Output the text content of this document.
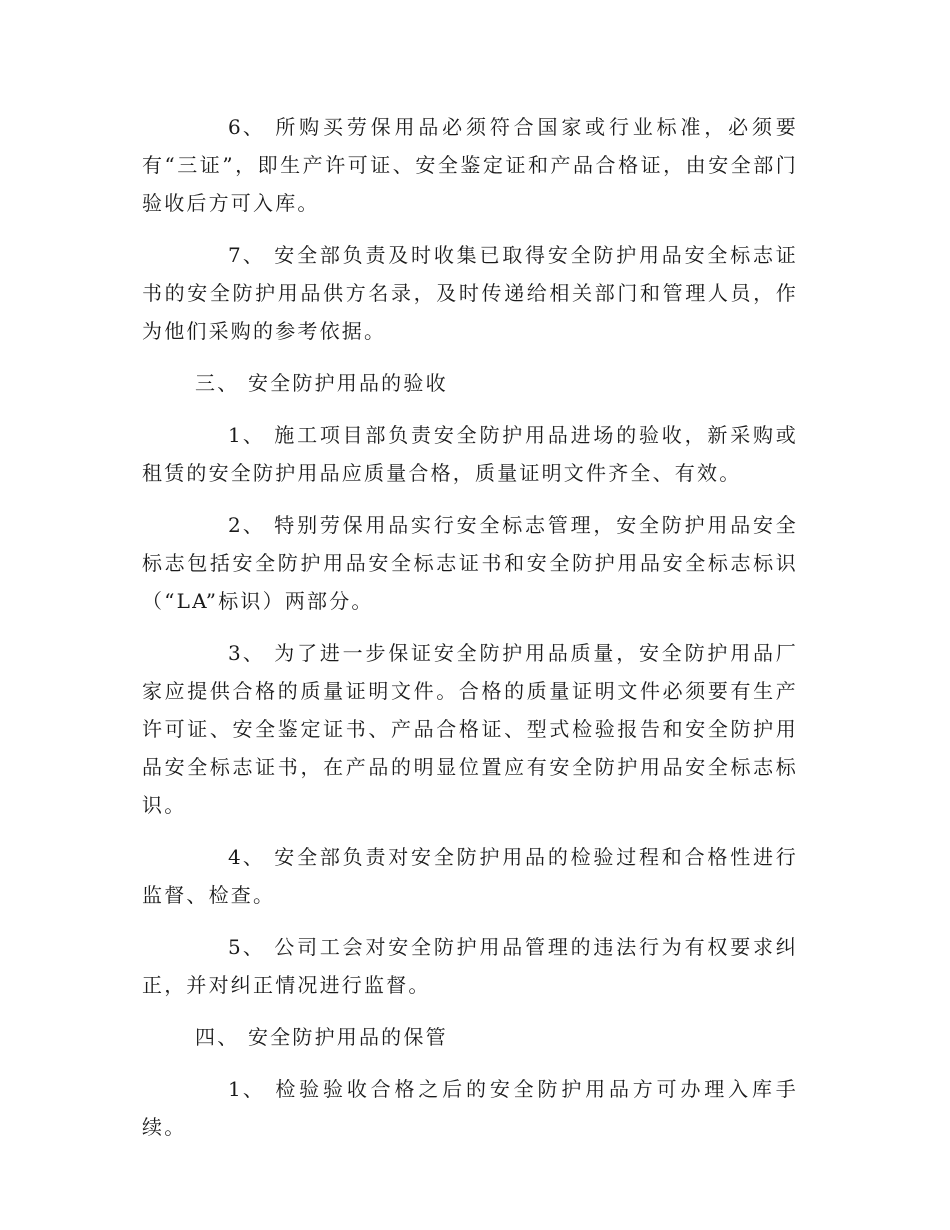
6、 所购买劳保用品必须符合国家或行业标准，必须要有“三证”，即生产许可证、安全鉴定证和产品合格证，由安全部门验收后方可入库。

7、 安全部负责及时收集已取得安全防护用品安全标志证书的安全防护用品供方名录，及时传递给相关部门和管理人员，作为他们采购的参考依据。

三、 安全防护用品的验收

1、 施工项目部负责安全防护用品进场的验收，新采购或租赁的安全防护用品应质量合格，质量证明文件齐全、有效。

2、 特别劳保用品实行安全标志管理，安全防护用品安全标志包括安全防护用品安全标志证书和安全防护用品安全标志标识（“LA”标识）两部分。

3、 为了进一步保证安全防护用品质量，安全防护用品厂家应提供合格的质量证明文件。合格的质量证明文件必须要有生产许可证、安全鉴定证书、产品合格证、型式检验报告和安全防护用品安全标志证书，在产品的明显位置应有安全防护用品安全标志标识。

4、 安全部负责对安全防护用品的检验过程和合格性进行监督、检查。

5、 公司工会对安全防护用品管理的违法行为有权要求纠正，并对纠正情况进行监督。

四、 安全防护用品的保管

1、 检验验收合格之后的安全防护用品方可办理入库手续。
